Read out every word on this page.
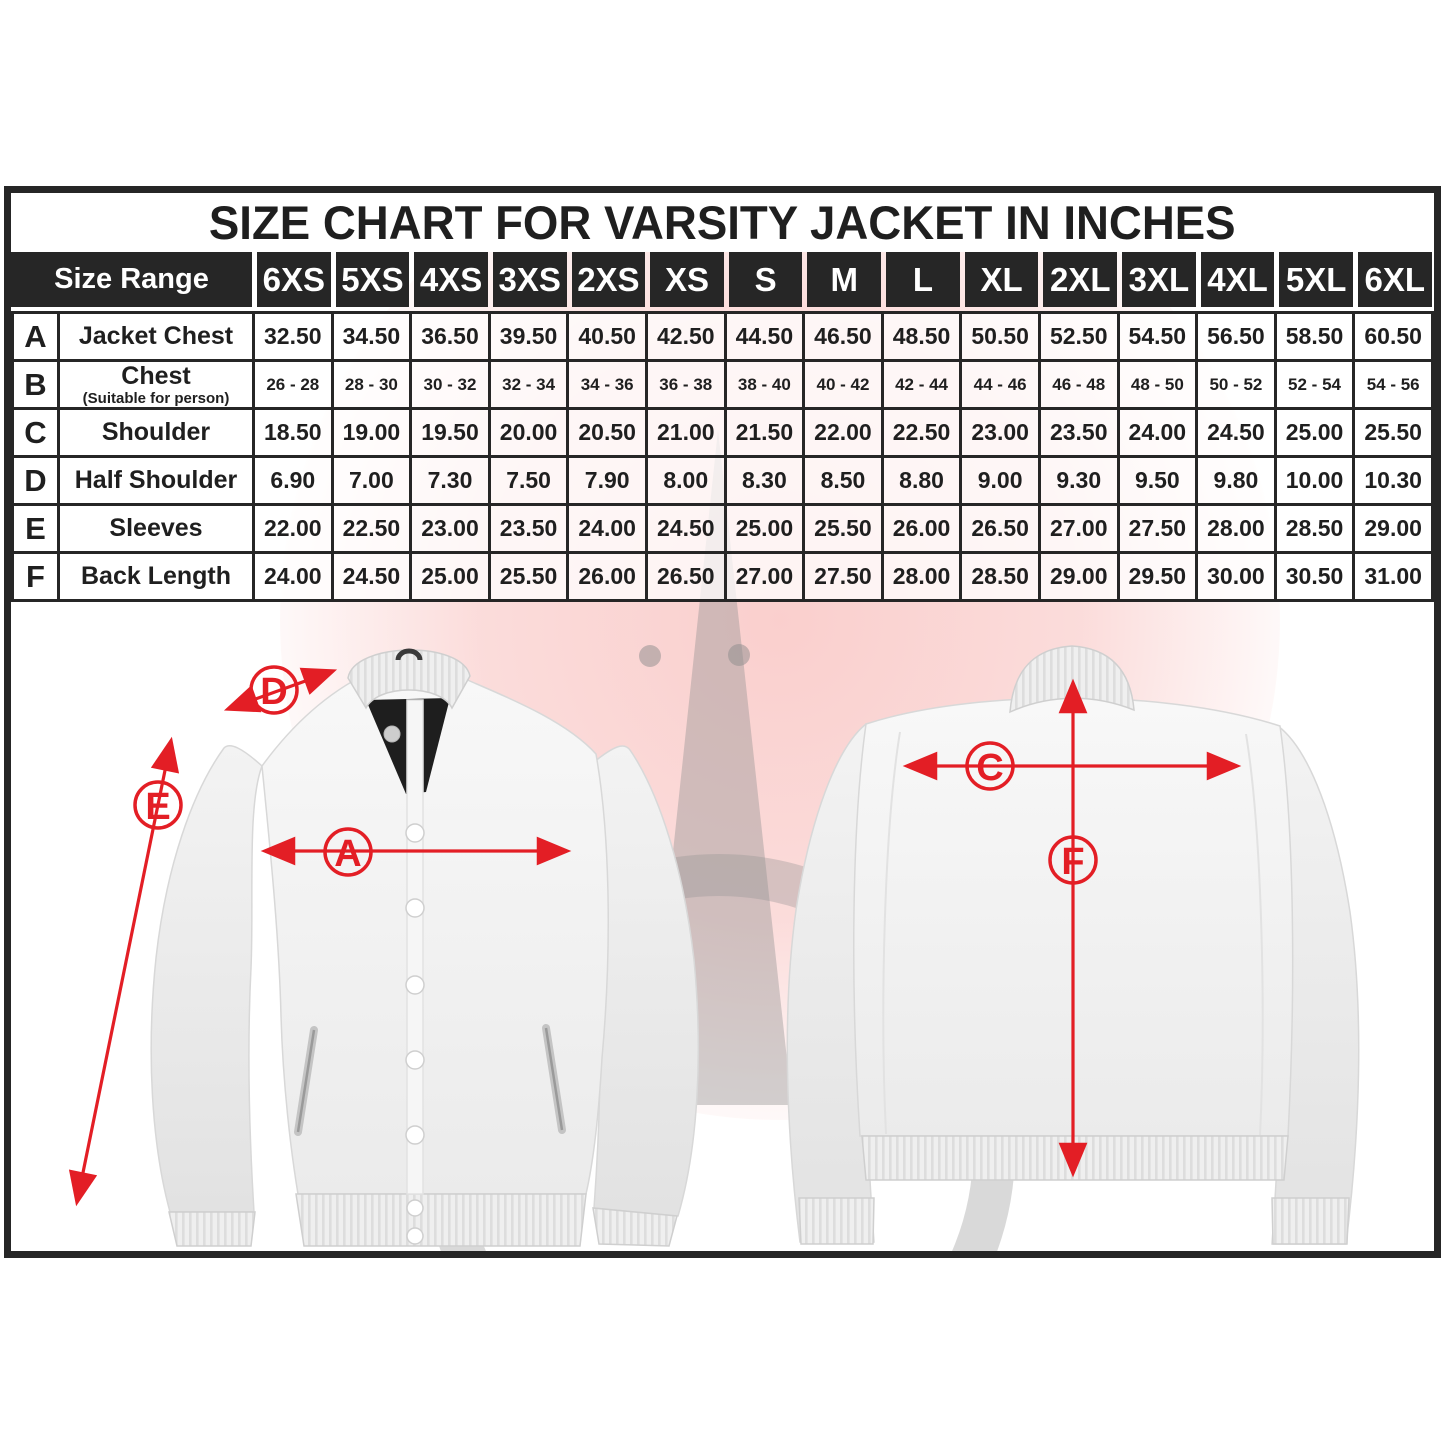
SIZE CHART FOR VARSITY JACKET IN INCHES
Size Range	6XS 5XS 4XS 3XS 2XS XS	S	M	L	XL 2XL 3XL 4XL 5XL 6XL
A	Jacket Chest	32.50	34.50	36.50	39.50	40.50	42.50	44.50	46.50	48.50	50.50	52.50	54.50	56.50	58.50	60.50
B	Chest
(Suitable for person)	26 - 28	28 - 30	30 - 32	32 - 34	34 - 36	36 - 38	38 - 40	40 - 42	42 - 44	44 - 46	46 - 48	48 - 50	50 - 52	52 - 54	54 - 56
C	Shoulder	18.50	19.00	19.50	20.00	20.50	21.00	21.50	22.00	22.50	23.00	23.50	24.00	24.50	25.00	25.50
D	Half Shoulder	6.90	7.00	7.30	7.50	7.90	8.00	8.30	8.50	8.80	9.00	9.30	9.50	9.80	10.00	10.30
E	Sleeves	22.00	22.50	23.00	23.50	24.00	24.50	25.00	25.50	26.00	26.50	27.00	27.50	28.00	28.50	29.00
F	Back Length	24.00	24.50	25.00	25.50	26.00	26.50	27.00	27.50	28.00	28.50	29.00	29.50	30.00	30.50	31.00
D
E
A
C
F
